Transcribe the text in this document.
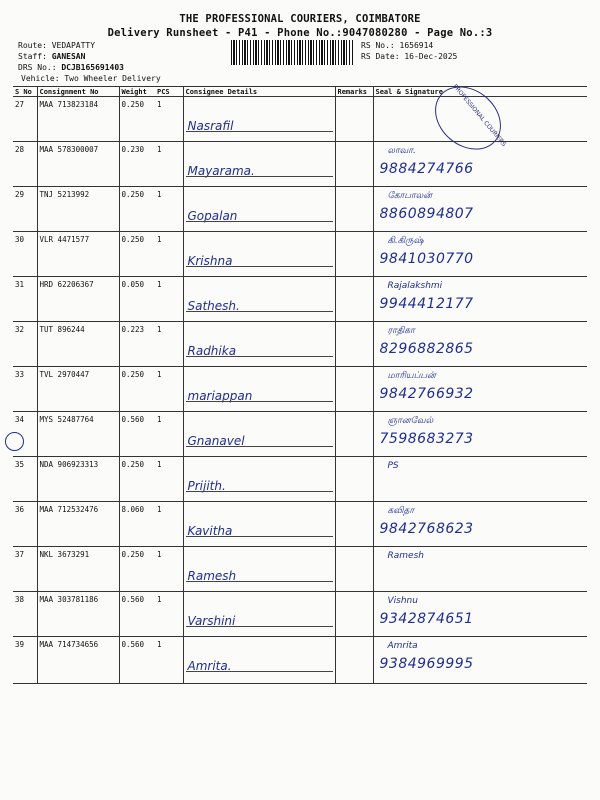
THE PROFESSIONAL COURIERS, COIMBATORE
Delivery Runsheet - P41 - Phone No.:9047080280 - Page No.:3
Route: VEDAPATTY
Staff: GANESAN
DRS No.: DCJB165691403
Vehicle: Two Wheeler Delivery
RS No.: 1656914
RS Date: 16-Dec-2025
S No	Consignment No	Weight	PCS	Consignee Details	Remarks	Seal & Signature
27	MAA 713823184	0.250	1	Nasrafil		

28	MAA 578300007	0.230	1	Mayarama.		லாவா.
9884274766

29	TNJ 5213992	0.250	1	Gopalan		கோபாலன்
8860894807

30	VLR 4471577	0.250	1	Krishna		கி.கிருஷ்
9841030770

31	HRD 62206367	0.050	1	Sathesh.		Rajalakshmi
9944412177

32	TUT 896244	0.223	1	Radhika		ராதிகா
8296882865

33	TVL 2970447	0.250	1	mariappan		மாரியப்பன்
9842766932

34	MYS 52487764	0.560	1	Gnanavel		ஞானவேல்
7598683273

35	NDA 906923313	0.250	1	Prijith.		PS

36	MAA 712532476	8.060	1	Kavitha		கவிதா
9842768623

37	NKL 3673291	0.250	1	Ramesh		Ramesh

38	MAA 303781186	0.560	1	Varshini		Vishnu
9342874651

39	MAA 714734656	0.560	1	Amrita.		Amrita
9384969995
PROFESSIONAL COURIERS
